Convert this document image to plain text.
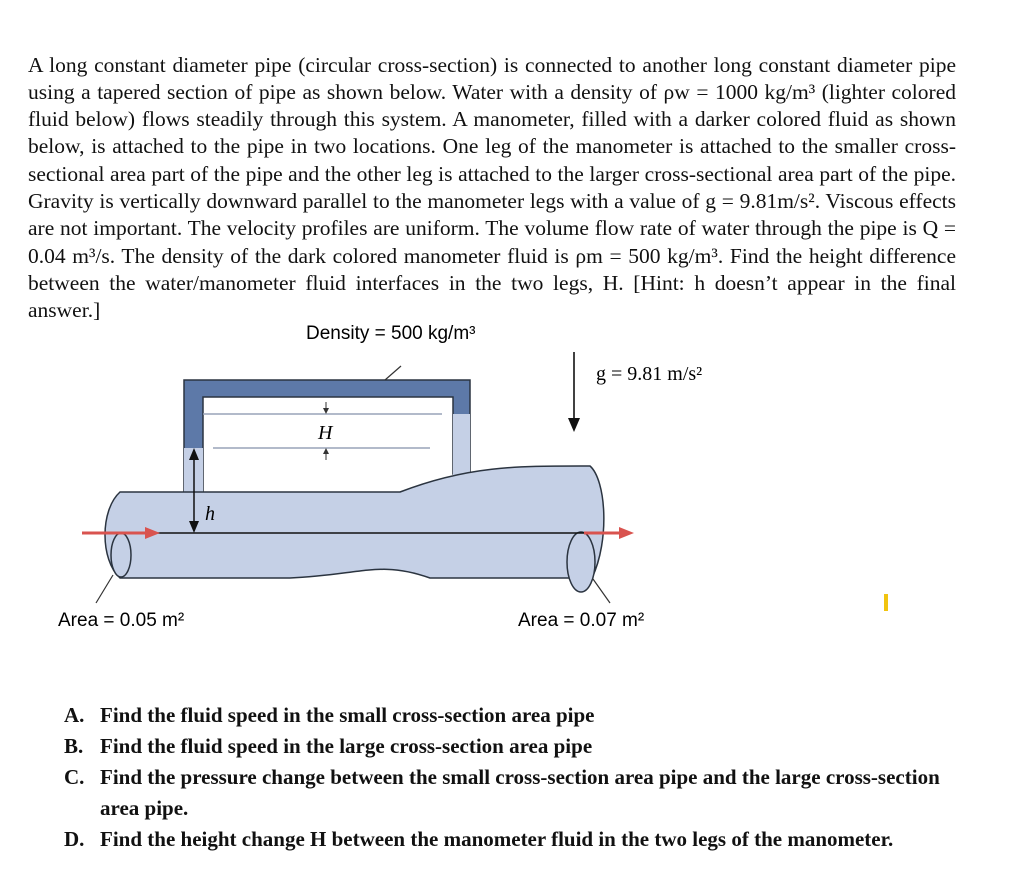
A long constant diameter pipe (circular cross-section) is connected to another long constant diameter pipe using a tapered section of pipe as shown below. Water with a density of ρw = 1000 kg/m³ (lighter colored fluid below) flows steadily through this system. A manometer, filled with a darker colored fluid as shown below, is attached to the pipe in two locations. One leg of the manometer is attached to the smaller cross-sectional area part of the pipe and the other leg is attached to the larger cross-sectional area part of the pipe. Gravity is vertically downward parallel to the manometer legs with a value of g = 9.81m/s². Viscous effects are not important. The velocity profiles are uniform. The volume flow rate of water through the pipe is Q = 0.04 m³/s. The density of the dark colored manometer fluid is ρm = 500 kg/m³. Find the height difference between the water/manometer fluid interfaces in the two legs, H. [Hint: h doesn’t appear in the final answer.]

H
h
Density = 500 kg/m³
g = 9.81 m/s²
Area = 0.05 m²	Area = 0.07 m²
A. Find the fluid speed in the small cross-section area pipe
B. Find the fluid speed in the large cross-section area pipe
C. Find the pressure change between the small cross-section area pipe and the large cross-section area pipe.
D. Find the height change H between the manometer fluid in the two legs of the manometer.
